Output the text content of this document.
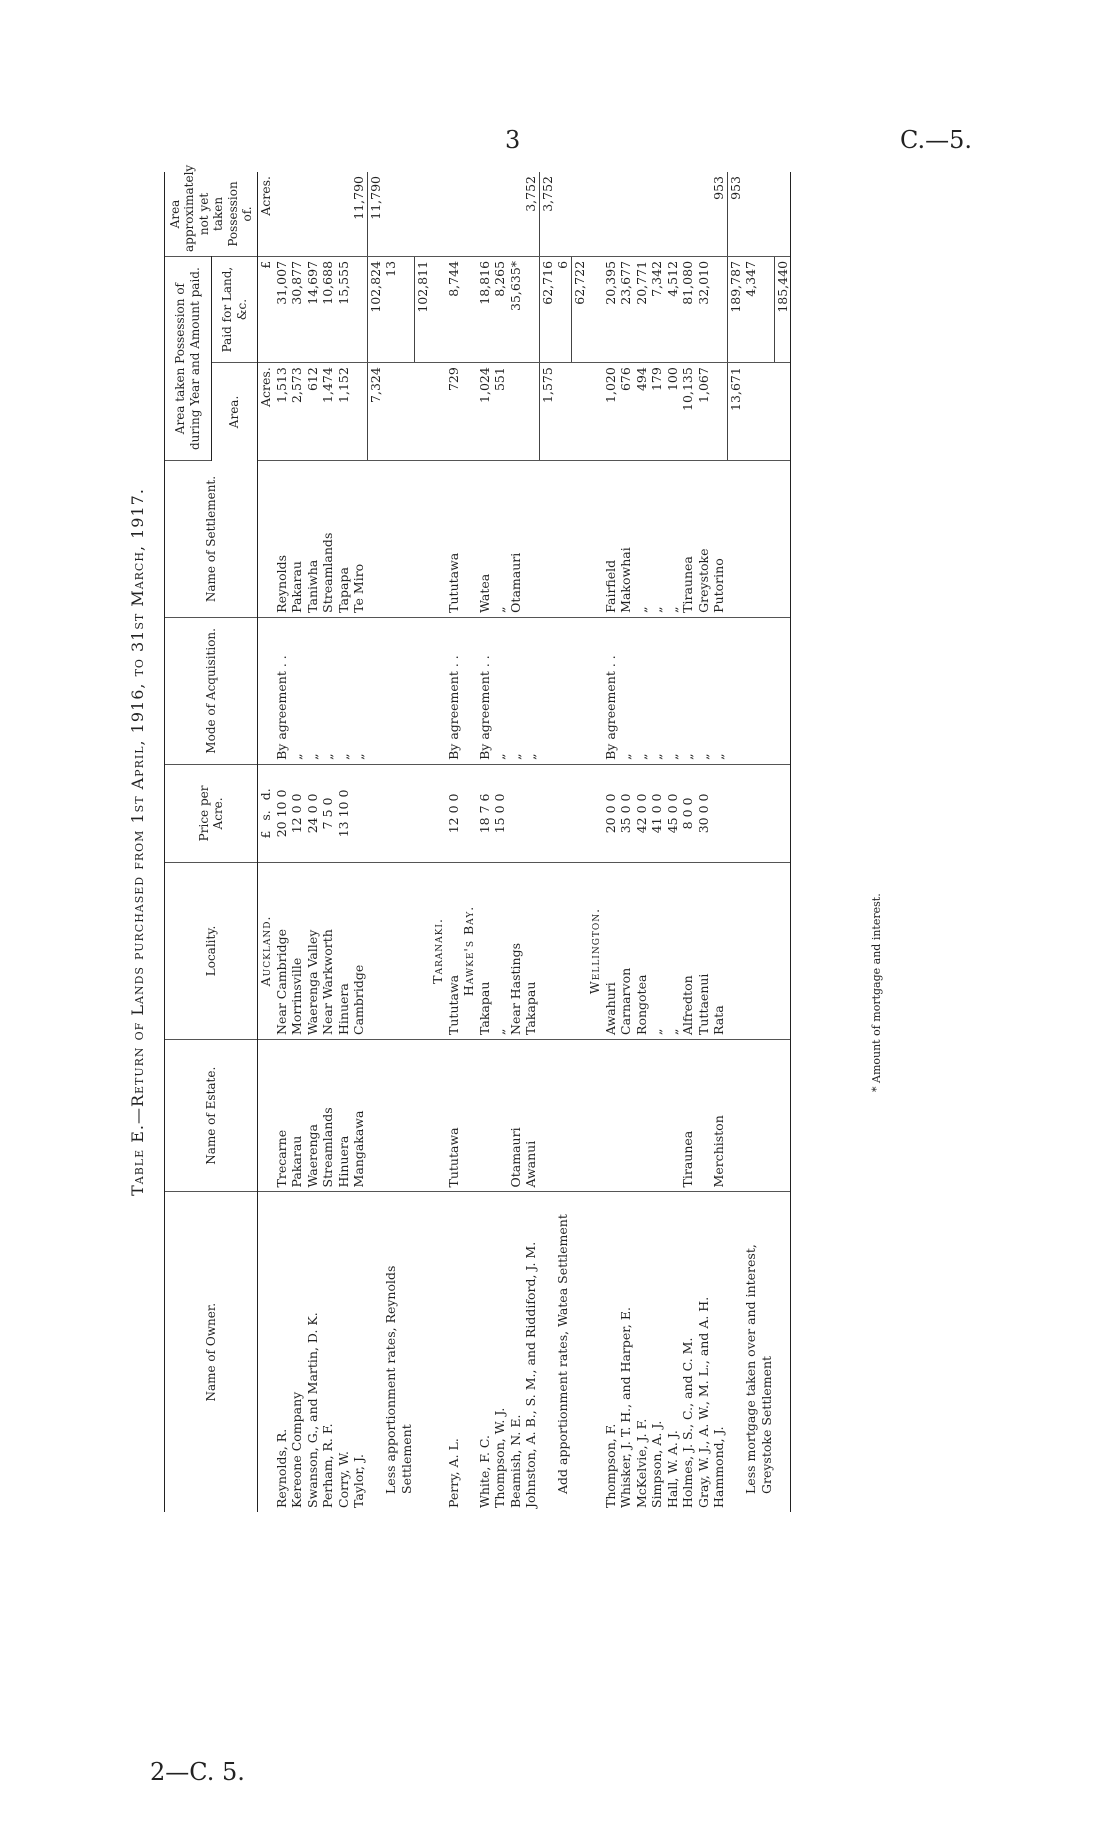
3	C.—5.
2—C. 5.
Table E.—Return of Lands purchased from 1st April, 1916, to 31st March, 1917.
Name of Owner.	Name of Estate.	Locality.	Price per Acre.	Mode of Acquisition.	Name of Settlement.	Area taken Possession of during Year and Amount paid.		Area approximately not yet taken Possession of.
						Area.	Paid for Land, &c.	
		Auckland.	£s.d.			Acres.	£	Acres.
Reynolds, R.	Trecarne	Near Cambridge	20 10 0	By agreement . .	Reynolds	1,513	31,007	
Kereone Company	Pakarau	Morrinsville	12 0 0	„	Pakarau	2,573	30,877	
Swanson, G., and Martin, D. K.	Waerenga	Waerenga Valley	24 0 0	„	Taniwha	612	14,697	
Perham, R. F.	Streamlands	Near Warkworth	7 5 0	„	Streamlands	1,474	10,688	
Corry, W.	Hinuera	Hinuera	13 10 0	„	Tapapa	1,152	15,555	
Taylor, J.	Mangakawa	Cambridge		„	Te Miro			11,790
						7,324	102,824	11,790
Less apportionment rates, Reynolds Settlement							13	
							102,811	
		Taranaki.						
Perry, A. L.	Tututawa	Tututawa	12 0 0	By agreement . .	Tututawa	729	8,744	

		Hawke's Bay.						
White, F. C.		Takapau	18 7 6	By agreement . .	Watea	1,024	18,816	
Thompson, W. J.		„	15 0 0	„	„	551	8,265	
Beamish, N. E.	Otamauri	Near Hastings		„	Otamauri		35,635*	
Johnston, A. B., S. M., and Riddiford, J. M.	Awanui	Takapau		„				3,752
						1,575	62,716	3,752
Add apportionment rates, Watea Settlement							6	
							62,722	
		Wellington.						
Thompson, F.		Awahuri	20 0 0	By agreement . .	Fairfield	1,020	20,395	
Whisker, J. T. H., and Harper, E.		Carnarvon	35 0 0	„	Makowhai	676	23,677	
McKelvie, J. F.		Rongotea	42 0 0	„	„	494	20,771	
Simpson, A. J.		„	41 0 0	„	„	179	7,342	
Hall, W. A. J.		„	45 0 0	„	„	100	4,512	
Holmes, J. S., C., and C. M.	Tiraunea	Alfredton	8 0 0	„	Tiraunea	10,135	81,080	
Gray, W. J., A. W., M. L., and A. H.		Tuttaenui	30 0 0	„	Greystoke	1,067	32,010	
Hammond, J.	Merchiston	Rata		„	Putorino			953
						13,671	189,787	953
Less mortgage taken over and interest, Greystoke Settlement							4,347	
							185,440	
* Amount of mortgage and interest.
